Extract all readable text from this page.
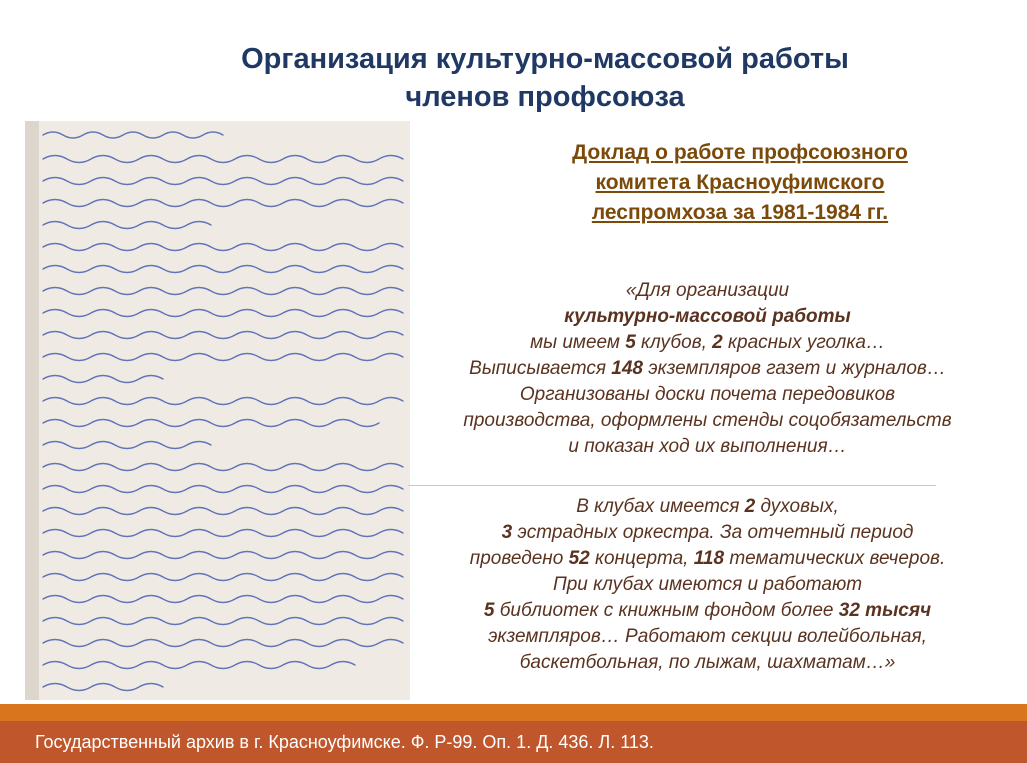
Организация культурно-массовой работы
членов профсоюза
Доклад о работе профсоюзного
комитета Красноуфимского
леспромхоза за 1981-1984 гг.
«Для организации
культурно-массовой работы
мы имеем 5 клубов, 2 красных уголка…
Выписывается 148 экземпляров газет и журналов…
Организованы доски почета передовиков
производства, оформлены стенды соцобязательств
и показан ход их выполнения…
В клубах имеется 2 духовых,
3 эстрадных оркестра. За отчетный период
проведено 52 концерта, 118 тематических вечеров.
При клубах имеются и работают
5 библиотек с книжным фондом более 32 тысяч
экземпляров… Работают секции волейбольная,
баскетбольная, по лыжам, шахматам…»
Государственный архив в г. Красноуфимске. Ф. Р-99. Оп. 1. Д. 436. Л. 113.
